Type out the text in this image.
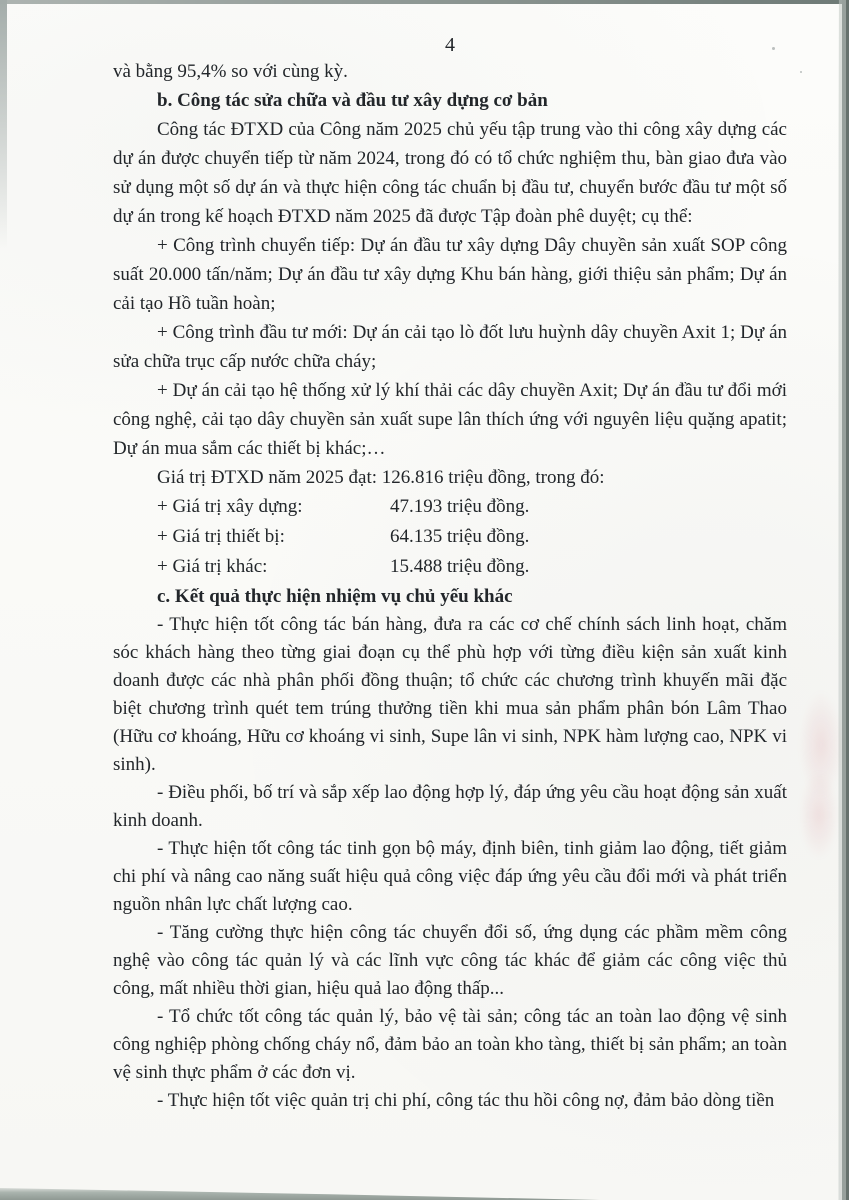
4

và bằng 95,4% so với cùng kỳ.

b. Công tác sửa chữa và đầu tư xây dựng cơ bản

Công tác ĐTXD của Công năm 2025 chủ yếu tập trung vào thi công xây dựng các dự án được chuyển tiếp từ năm 2024, trong đó có tổ chức nghiệm thu, bàn giao đưa vào sử dụng một số dự án và thực hiện công tác chuẩn bị đầu tư, chuyển bước đầu tư một số dự án trong kế hoạch ĐTXD năm 2025 đã được Tập đoàn phê duyệt; cụ thể:

+ Công trình chuyển tiếp: Dự án đầu tư xây dựng Dây chuyền sản xuất SOP công suất 20.000 tấn/năm; Dự án đầu tư xây dựng Khu bán hàng, giới thiệu sản phẩm; Dự án cải tạo Hồ tuần hoàn;

+ Công trình đầu tư mới: Dự án cải tạo lò đốt lưu huỳnh dây chuyền Axit 1; Dự án sửa chữa trục cấp nước chữa cháy;

+ Dự án cải tạo hệ thống xử lý khí thải các dây chuyền Axit; Dự án đầu tư đổi mới công nghệ, cải tạo dây chuyền sản xuất supe lân thích ứng với nguyên liệu quặng apatit; Dự án mua sắm các thiết bị khác;…

Giá trị ĐTXD năm 2025 đạt: 126.816 triệu đồng, trong đó:

+ Giá trị xây dựng:	47.193 triệu đồng.
+ Giá trị thiết bị:	64.135 triệu đồng.
+ Giá trị khác:	15.488 triệu đồng.

c. Kết quả thực hiện nhiệm vụ chủ yếu khác

- Thực hiện tốt công tác bán hàng, đưa ra các cơ chế chính sách linh hoạt, chăm sóc khách hàng theo từng giai đoạn cụ thể phù hợp với từng điều kiện sản xuất kinh doanh được các nhà phân phối đồng thuận; tổ chức các chương trình khuyến mãi đặc biệt chương trình quét tem trúng thưởng tiền khi mua sản phẩm phân bón Lâm Thao (Hữu cơ khoáng, Hữu cơ khoáng vi sinh, Supe lân vi sinh, NPK hàm lượng cao, NPK vi sinh).

- Điều phối, bố trí và sắp xếp lao động hợp lý, đáp ứng yêu cầu hoạt động sản xuất kinh doanh.

- Thực hiện tốt công tác tinh gọn bộ máy, định biên, tinh giảm lao động, tiết giảm chi phí và nâng cao năng suất hiệu quả công việc đáp ứng yêu cầu đổi mới và phát triển nguồn nhân lực chất lượng cao.

- Tăng cường thực hiện công tác chuyển đổi số, ứng dụng các phầm mềm công nghệ vào công tác quản lý và các lĩnh vực công tác khác để giảm các công việc thủ công, mất nhiều thời gian, hiệu quả lao động thấp...

- Tổ chức tốt công tác quản lý, bảo vệ tài sản; công tác an toàn lao động vệ sinh công nghiệp phòng chống cháy nổ, đảm bảo an toàn kho tàng, thiết bị sản phẩm; an toàn vệ sinh thực phẩm ở các đơn vị.

- Thực hiện tốt việc quản trị chi phí, công tác thu hồi công nợ, đảm bảo dòng tiền
